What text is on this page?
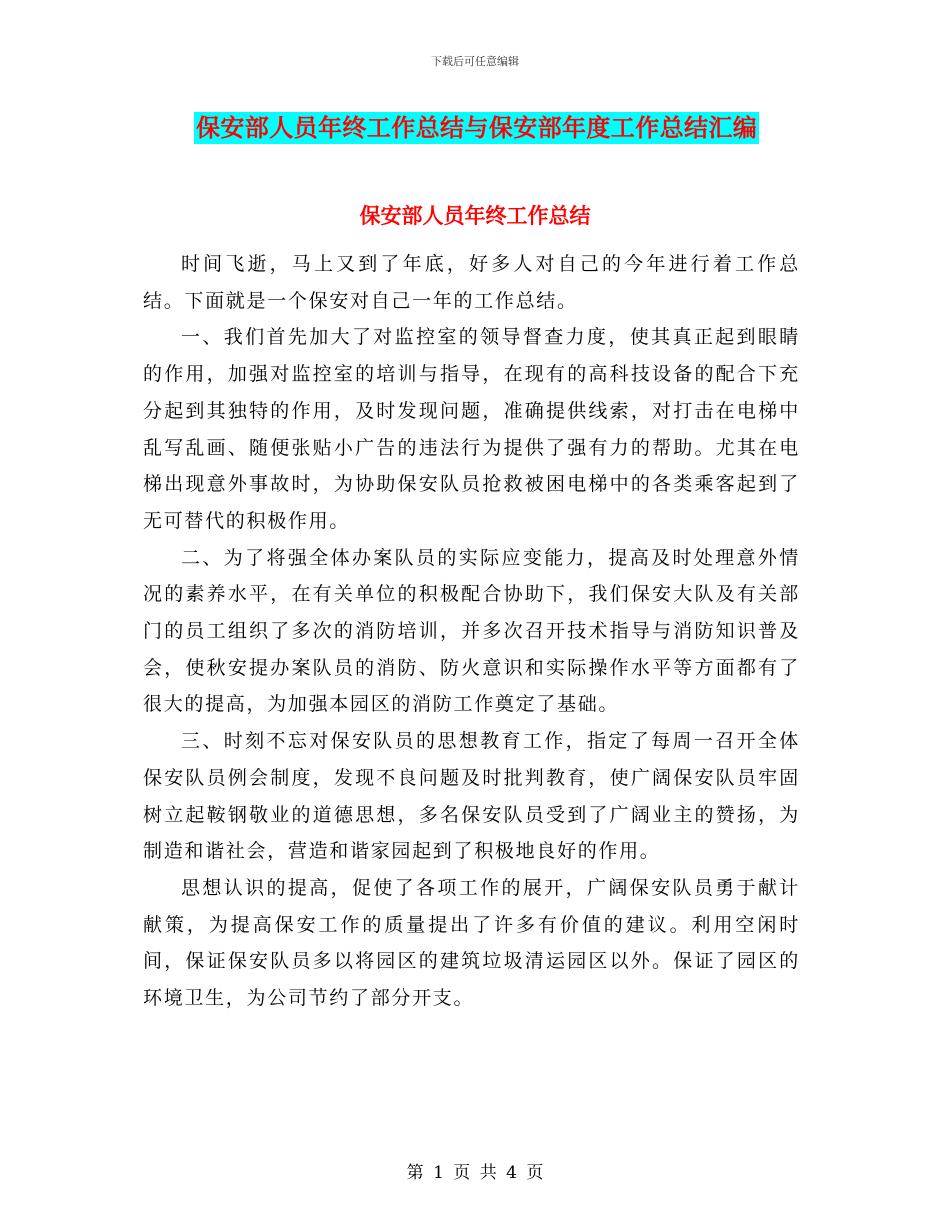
下载后可任意编辑
保安部人员年终工作总结与保安部年度工作总结汇编
保安部人员年终工作总结

时间飞逝，马上又到了年底，好多人对自己的今年进行着工作总结。下面就是一个保安对自己一年的工作总结。

一、我们首先加大了对监控室的领导督查力度，使其真正起到眼睛的作用，加强对监控室的培训与指导，在现有的高科技设备的配合下充分起到其独特的作用，及时发现问题，准确提供线索，对打击在电梯中乱写乱画、随便张贴小广告的违法行为提供了强有力的帮助。尤其在电梯出现意外事故时，为协助保安队员抢救被困电梯中的各类乘客起到了无可替代的积极作用。

二、为了将强全体办案队员的实际应变能力，提高及时处理意外情况的素养水平，在有关单位的积极配合协助下，我们保安大队及有关部门的员工组织了多次的消防培训，并多次召开技术指导与消防知识普及会，使秋安提办案队员的消防、防火意识和实际操作水平等方面都有了很大的提高，为加强本园区的消防工作奠定了基础。

三、时刻不忘对保安队员的思想教育工作，指定了每周一召开全体保安队员例会制度，发现不良问题及时批判教育，使广阔保安队员牢固树立起鞍钢敬业的道德思想，多名保安队员受到了广阔业主的赞扬，为制造和谐社会，营造和谐家园起到了积极地良好的作用。

思想认识的提高，促使了各项工作的展开，广阔保安队员勇于献计献策，为提高保安工作的质量提出了许多有价值的建议。利用空闲时间，保证保安队员多以将园区的建筑垃圾清运园区以外。保证了园区的环境卫生，为公司节约了部分开支。

第 1 页 共 4 页
